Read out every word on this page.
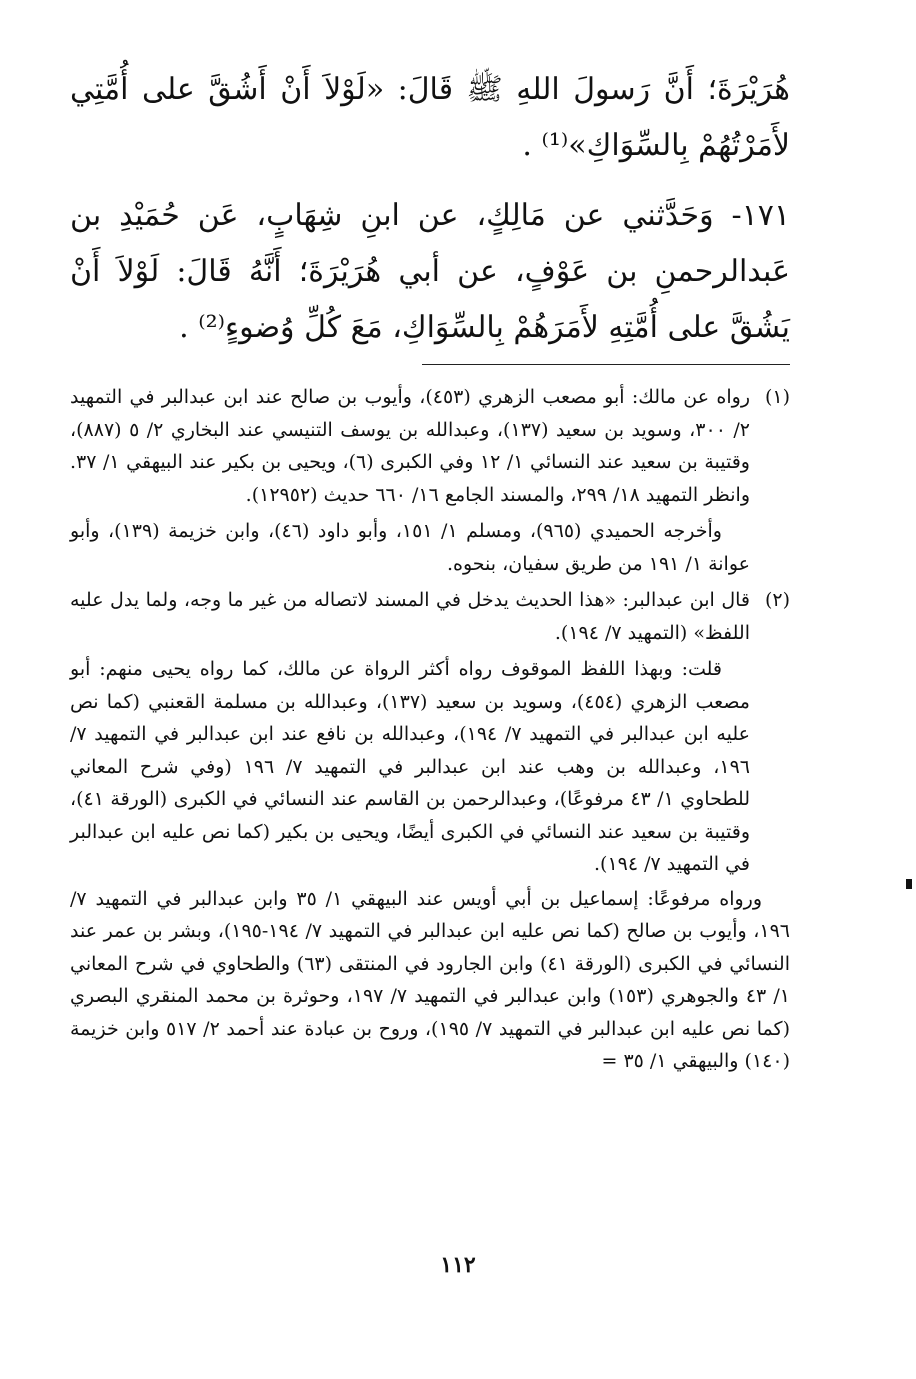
هُرَيْرَةَ؛ أَنَّ رَسولَ اللهِ ﷺ قَالَ: «لَوْلاَ أَنْ أَشُقَّ على أُمَّتِي لأَمَرْتُهُمْ بِالسِّوَاكِ»⁽¹⁾ .

١٧١- وَحَدَّثني عن مَالِكٍ، عن ابنِ شِهَابٍ، عَن حُمَيْدِ بن عَبدالرحمنِ بن عَوْفٍ، عن أبي هُرَيْرَةَ؛ أَنَّهُ قَالَ: لَوْلاَ أَنْ يَشُقَّ على أُمَّتِهِ لأَمَرَهُمْ بِالسِّوَاكِ، مَعَ كُلِّ وُضوءٍ⁽²⁾ .

(١)

رواه عن مالك: أبو مصعب الزهري (٤٥٣)، وأيوب بن صالح عند ابن عبدالبر في التمهيد ٢/ ٣٠٠، وسويد بن سعيد (١٣٧)، وعبدالله بن يوسف التنيسي عند البخاري ٢/ ٥ (٨٨٧)، وقتيبة بن سعيد عند النسائي ١/ ١٢ وفي الكبرى (٦)، ويحيى بن بكير عند البيهقي ١/ ٣٧. وانظر التمهيد ١٨/ ٢٩٩، والمسند الجامع ١٦/ ٦٦٠ حديث (١٢٩٥٢).

وأخرجه الحميدي (٩٦٥)، ومسلم ١/ ١٥١، وأبو داود (٤٦)، وابن خزيمة (١٣٩)، وأبو عوانة ١/ ١٩١ من طريق سفيان، بنحوه.

(٢)

قال ابن عبدالبر: «هذا الحديث يدخل في المسند لاتصاله من غير ما وجه، ولما يدل عليه اللفظ» (التمهيد ٧/ ١٩٤).

قلت: وبهذا اللفظ الموقوف رواه أكثر الرواة عن مالك، كما رواه يحيى منهم: أبو مصعب الزهري (٤٥٤)، وسويد بن سعيد (١٣٧)، وعبدالله بن مسلمة القعنبي (كما نص عليه ابن عبدالبر في التمهيد ٧/ ١٩٤)، وعبدالله بن نافع عند ابن عبدالبر في التمهيد ٧/ ١٩٦، وعبدالله بن وهب عند ابن عبدالبر في التمهيد ٧/ ١٩٦ (وفي شرح المعاني للطحاوي ١/ ٤٣ مرفوعًا)، وعبدالرحمن بن القاسم عند النسائي في الكبرى (الورقة ٤١)، وقتيبة بن سعيد عند النسائي في الكبرى أيضًا، ويحيى بن بكير (كما نص عليه ابن عبدالبر في التمهيد ٧/ ١٩٤).

ورواه مرفوعًا: إسماعيل بن أبي أويس عند البيهقي ١/ ٣٥ وابن عبدالبر في التمهيد ٧/ ١٩٦، وأيوب بن صالح (كما نص عليه ابن عبدالبر في التمهيد ٧/ ١٩٤-١٩٥)، وبشر بن عمر عند النسائي في الكبرى (الورقة ٤١) وابن الجارود في المنتقى (٦٣) والطحاوي في شرح المعاني ١/ ٤٣ والجوهري (١٥٣) وابن عبدالبر في التمهيد ٧/ ١٩٧، وحوثرة بن محمد المنقري البصري (كما نص عليه ابن عبدالبر في التمهيد ٧/ ١٩٥)، وروح بن عبادة عند أحمد ٢/ ٥١٧ وابن خزيمة (١٤٠) والبيهقي ١/ ٣٥ =

١١٢
